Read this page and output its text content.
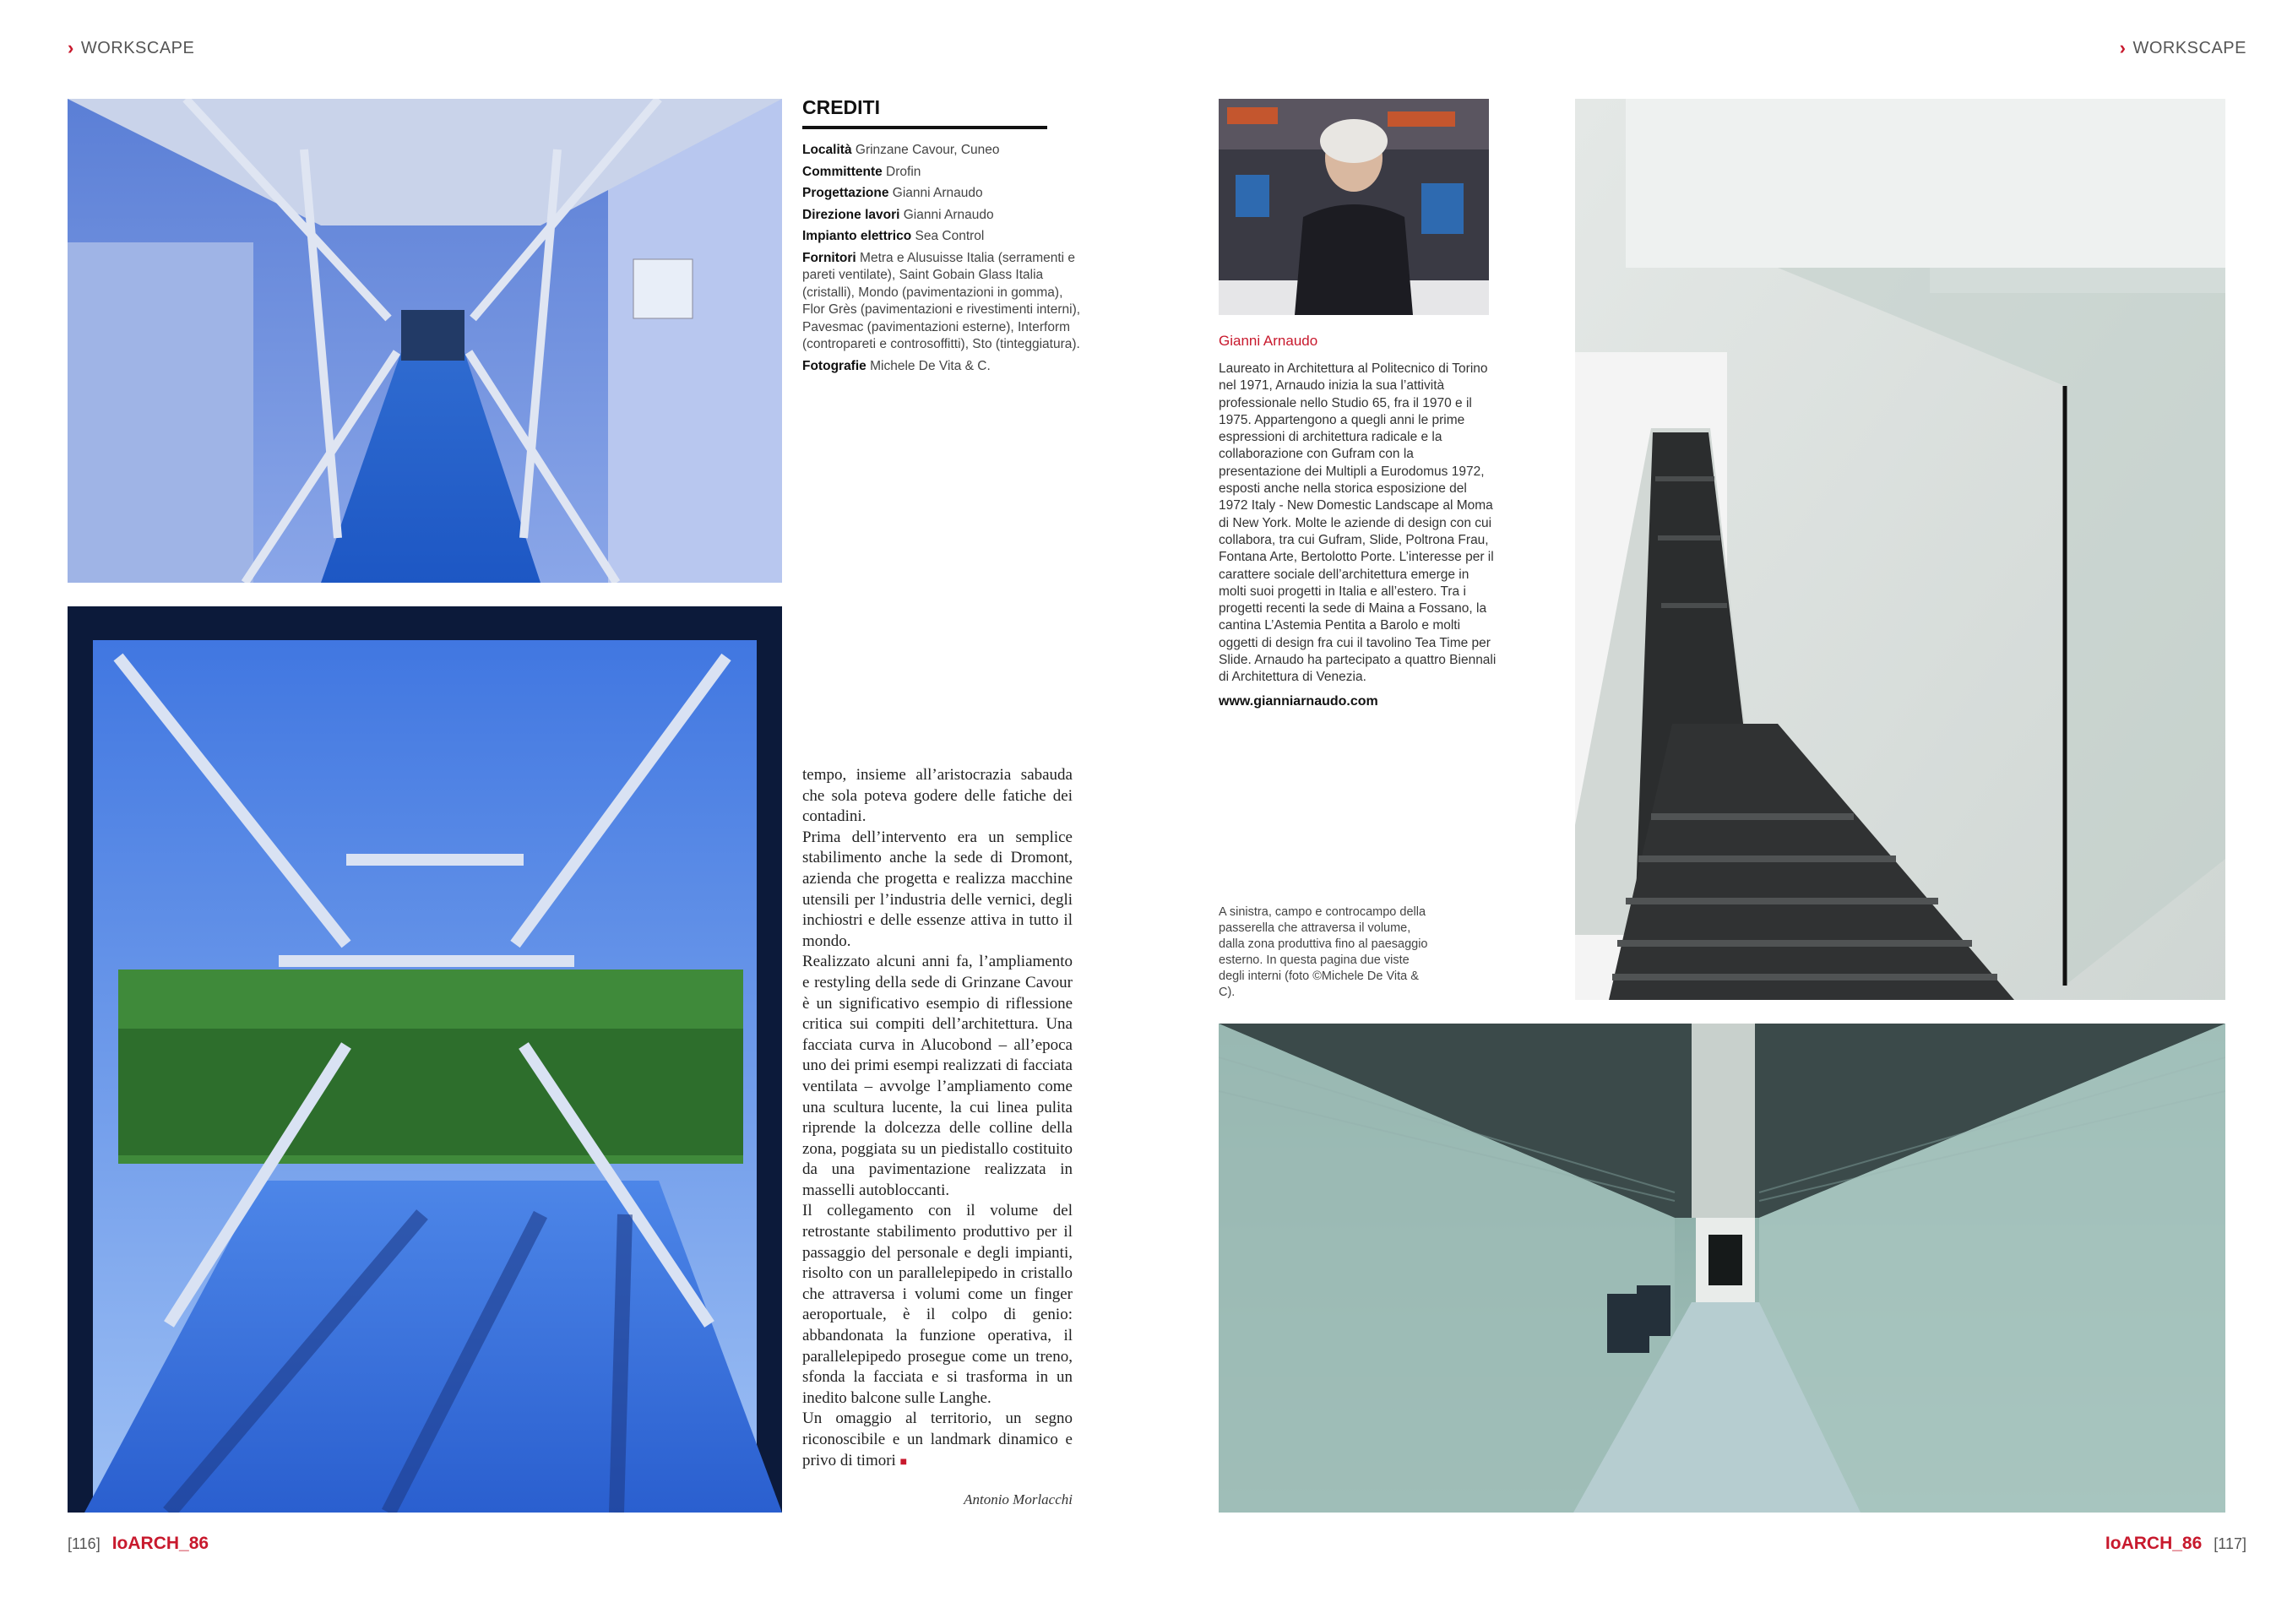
› WORKSCAPE	› WORKSCAPE
CREDITI
Località Grinzane Cavour, Cuneo
Committente Drofin
Progettazione Gianni Arnaudo
Direzione lavori Gianni Arnaudo
Impianto elettrico Sea Control
Fornitori Metra e Alusuisse Italia (serramenti e pareti ventilate), Saint Gobain Glass Italia (cristalli), Mondo (pavimentazioni in gomma), Flor Grès (pavimentazioni e rivestimenti interni), Pavesmac (pavimentazioni esterne), Interform (contropareti e controsoffitti), Sto (tinteggiatura).
Fotografie Michele De Vita & C.

tempo, insieme all’aristocrazia sabauda che sola poteva godere delle fatiche dei contadini.

Prima dell’intervento era un semplice stabilimento anche la sede di Dromont, azienda che progetta e realizza macchine utensili per l’industria delle vernici, degli inchiostri e delle essenze attiva in tutto il mondo.

Realizzato alcuni anni fa, l’ampliamento e restyling della sede di Grinzane Cavour è un significativo esempio di riflessione critica sui compiti dell’architettura. Una facciata curva in Alucobond – all’epoca uno dei primi esempi realizzati di facciata ventilata – avvolge l’ampliamento come una scultura lucente, la cui linea pulita riprende la dolcezza delle colline della zona, poggiata su un piedistallo costituito da una pavimentazione realizzata in masselli autobloccanti.

Il collegamento con il volume del retrostante stabilimento produttivo per il passaggio del personale e degli impianti, risolto con un parallelepipedo in cristallo che attraversa i volumi come un finger aeroportuale, è il colpo di genio: abbandonata la funzione operativa, il parallelepipedo prosegue come un treno, sfonda la facciata e si trasforma in un inedito balcone sulle Langhe.

Un omaggio al territorio, un segno riconoscibile e un landmark dinamico e privo di timori ■

Antonio Morlacchi
Gianni Arnaudo
Laureato in Architettura al Politecnico di Torino nel 1971, Arnaudo inizia la sua l’attività professionale nello Studio 65, fra il 1970 e il 1975. Appartengono a quegli anni le prime espressioni di architettura radicale e la collaborazione con Gufram con la presentazione dei Multipli a Eurodomus 1972, esposti anche nella storica esposizione del 1972 Italy - New Domestic Landscape al Moma di New York. Molte le aziende di design con cui collabora, tra cui Gufram, Slide, Poltrona Frau, Fontana Arte, Bertolotto Porte. L’interesse per il carattere sociale dell’architettura emerge in molti suoi progetti in Italia e all’estero. Tra i progetti recenti la sede di Maina a Fossano, la cantina L’Astemia Pentita a Barolo e molti oggetti di design fra cui il tavolino Tea Time per Slide. Arnaudo ha partecipato a quattro Biennali di Architettura di Venezia.
www.gianniarnaudo.com
A sinistra, campo e controcampo della passerella che attraversa il volume, dalla zona produttiva fino al paesaggio esterno. In questa pagina due viste degli interni (foto ©Michele De Vita & C).
[116] IoARCH_86	IoARCH_86 [117]
